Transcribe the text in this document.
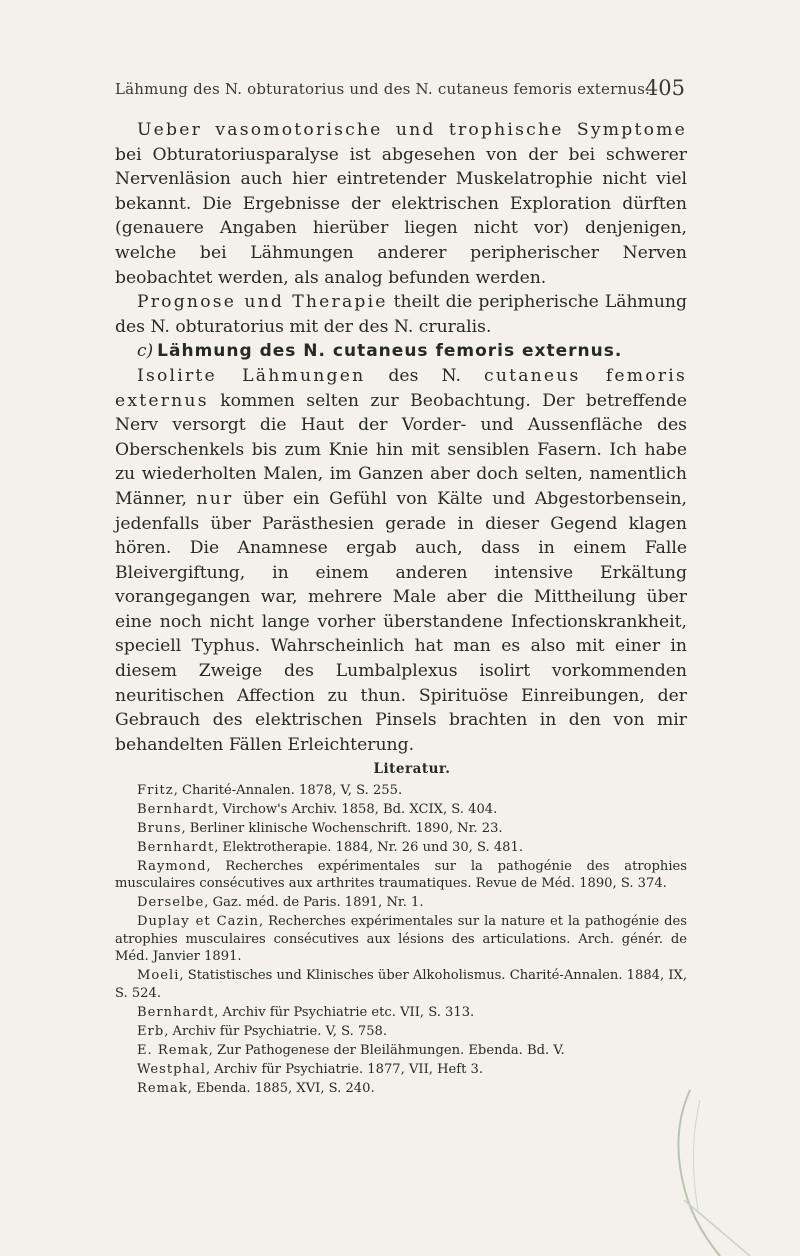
Lähmung des N. obturatorius und des N. cutaneus femoris externus.
405

Ueber vasomotorische und trophische Symptome bei Obturatoriusparalyse ist abgesehen von der bei schwerer Nervenläsion auch hier eintretender Muskelatrophie nicht viel bekannt. Die Ergebnisse der elektrischen Exploration dürften (genauere Angaben hierüber liegen nicht vor) denjenigen, welche bei Lähmungen anderer peripherischer Nerven beobachtet werden, als analog befunden werden.

Prognose und Therapie theilt die peripherische Lähmung des N. obturatorius mit der des N. cruralis.

c) Lähmung des N. cutaneus femoris externus.

Isolirte Lähmungen des N. cutaneus femoris externus kommen selten zur Beobachtung. Der betreffende Nerv versorgt die Haut der Vorder- und Aussenfläche des Oberschenkels bis zum Knie hin mit sensiblen Fasern. Ich habe zu wiederholten Malen, im Ganzen aber doch selten, namentlich Männer, nur über ein Gefühl von Kälte und Abgestorbensein, jedenfalls über Parästhesien gerade in dieser Gegend klagen hören. Die Anamnese ergab auch, dass in einem Falle Bleivergiftung, in einem anderen intensive Erkältung vorangegangen war, mehrere Male aber die Mittheilung über eine noch nicht lange vorher überstandene Infectionskrankheit, speciell Typhus. Wahrscheinlich hat man es also mit einer in diesem Zweige des Lumbalplexus isolirt vorkommenden neuritischen Affection zu thun. Spirituöse Einreibungen, der Gebrauch des elektrischen Pinsels brachten in den von mir behandelten Fällen Erleichterung.

Literatur.

Fritz, Charité-Annalen. 1878, V, S. 255.

Bernhardt, Virchow's Archiv. 1858, Bd. XCIX, S. 404.

Bruns, Berliner klinische Wochenschrift. 1890, Nr. 23.

Bernhardt, Elektrotherapie. 1884, Nr. 26 und 30, S. 481.

Raymond, Recherches expérimentales sur la pathogénie des atrophies musculaires consécutives aux arthrites traumatiques. Revue de Méd. 1890, S. 374.

Derselbe, Gaz. méd. de Paris. 1891, Nr. 1.

Duplay et Cazin, Recherches expérimentales sur la nature et la pathogénie des atrophies musculaires consécutives aux lésions des articulations. Arch. génér. de Méd. Janvier 1891.

Moeli, Statistisches und Klinisches über Alkoholismus. Charité-Annalen. 1884, IX, S. 524.

Bernhardt, Archiv für Psychiatrie etc. VII, S. 313.

Erb, Archiv für Psychiatrie. V, S. 758.

E. Remak, Zur Pathogenese der Bleilähmungen. Ebenda. Bd. V.

Westphal, Archiv für Psychiatrie. 1877, VII, Heft 3.

Remak, Ebenda. 1885, XVI, S. 240.
